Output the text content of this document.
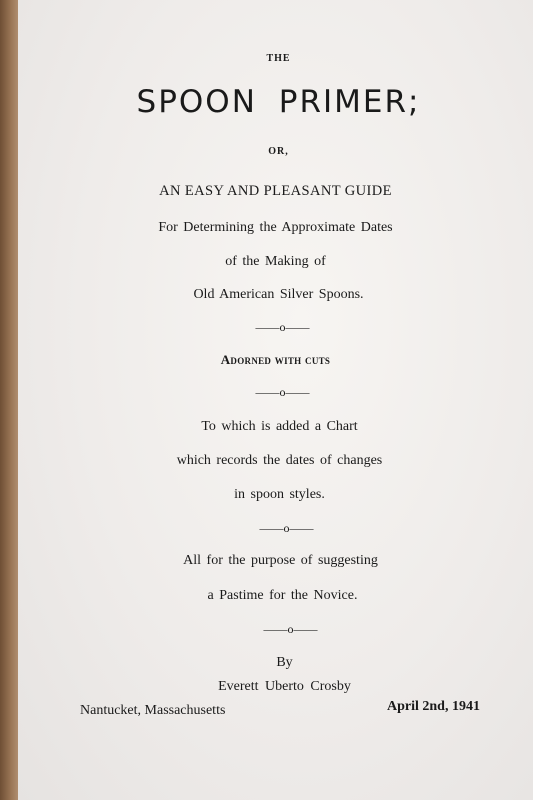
THE
SPOON PRIMER;
OR,
AN EASY AND PLEASANT GUIDE
For Determining the Approximate Dates
of the Making of
Old American Silver Spoons.
——o——
Adorned with cuts
——o——
To which is added a Chart
which records the dates of changes
in spoon styles.
——o——
All for the purpose of suggesting
a Pastime for the Novice.
——o——
By
Everett Uberto Crosby
Nantucket, Massachusetts	April 2nd, 1941
